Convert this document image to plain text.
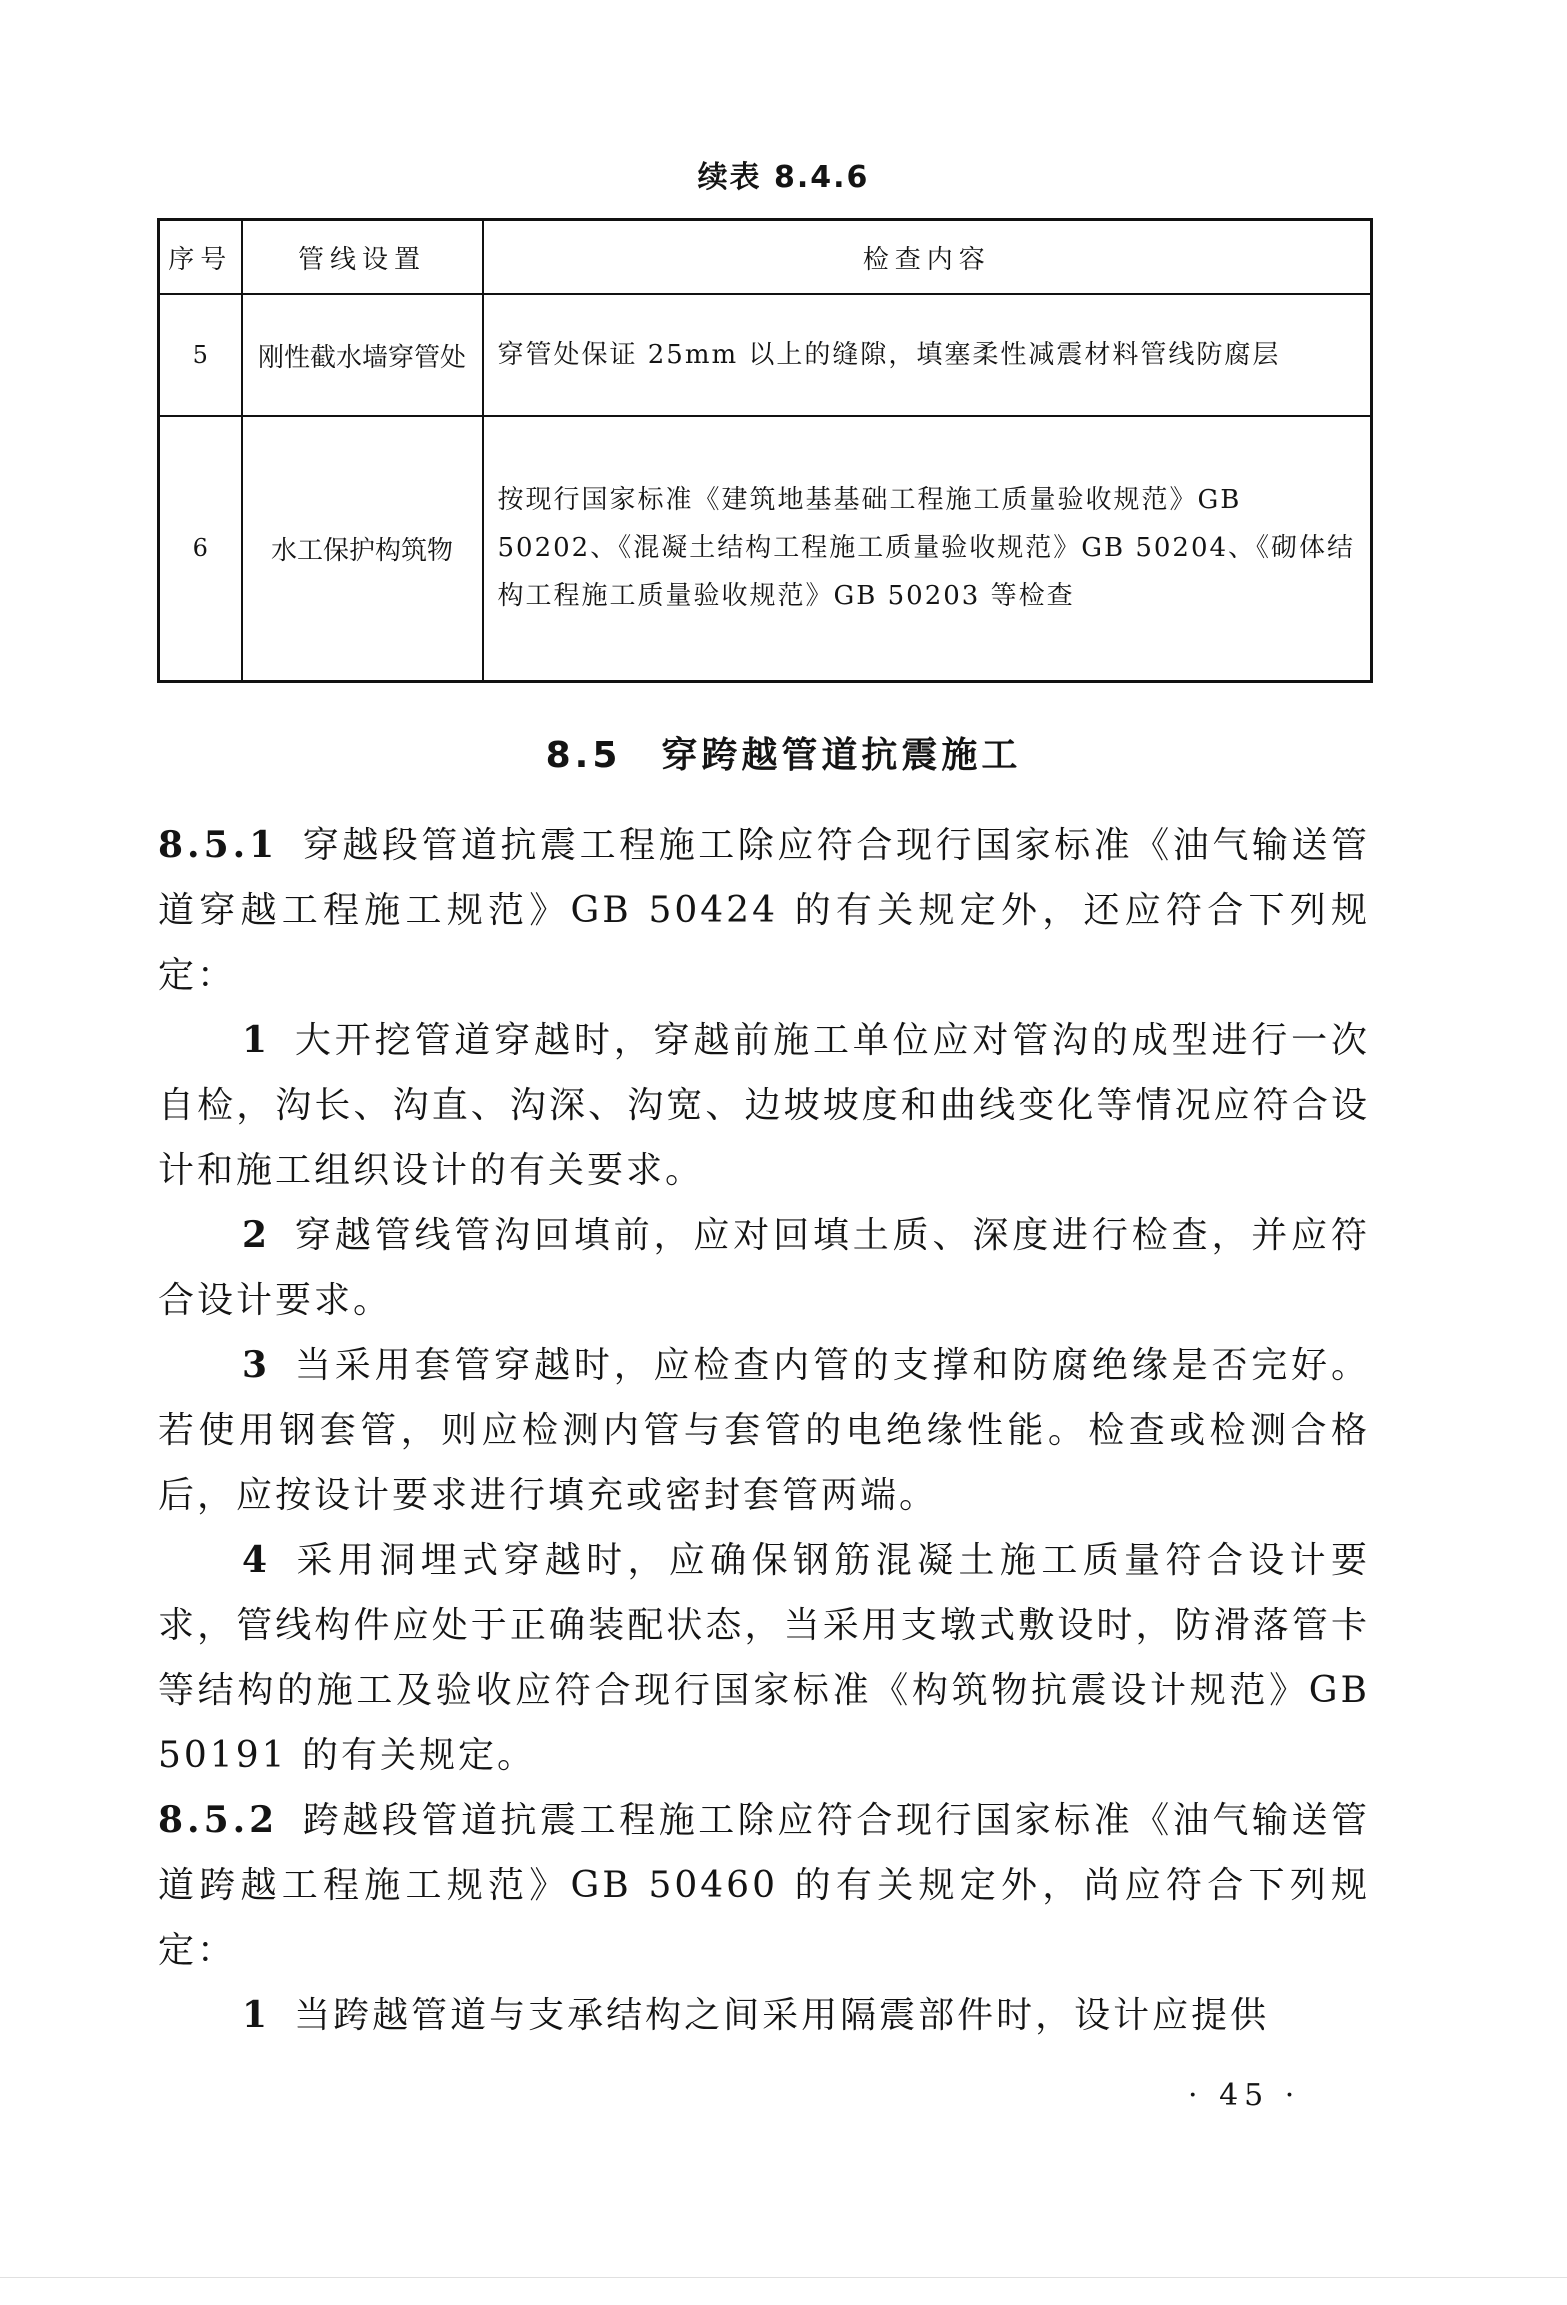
续表 8.4.6
序号	管线设置	检查内容
5	刚性截水墙穿管处	穿管处保证 25mm 以上的缝隙，填塞柔性减震材料管线防腐层
6	水工保护构筑物	按现行国家标准《建筑地基基础工程施工质量验收规范》GB 50202、《混凝土结构工程施工质量验收规范》GB 50204、《砌体结构工程施工质量验收规范》GB 50203 等检查
8.5　穿跨越管道抗震施工

8.5.1 穿越段管道抗震工程施工除应符合现行国家标准《油气输送管道穿越工程施工规范》GB 50424 的有关规定外，还应符合下列规定：

1 大开挖管道穿越时，穿越前施工单位应对管沟的成型进行一次自检，沟长、沟直、沟深、沟宽、边坡坡度和曲线变化等情况应符合设计和施工组织设计的有关要求。

2 穿越管线管沟回填前，应对回填土质、深度进行检查，并应符合设计要求。

3 当采用套管穿越时，应检查内管的支撑和防腐绝缘是否完好。若使用钢套管，则应检测内管与套管的电绝缘性能。检查或检测合格后，应按设计要求进行填充或密封套管两端。

4 采用洞埋式穿越时，应确保钢筋混凝土施工质量符合设计要求，管线构件应处于正确装配状态，当采用支墩式敷设时，防滑落管卡等结构的施工及验收应符合现行国家标准《构筑物抗震设计规范》GB 50191 的有关规定。

8.5.2 跨越段管道抗震工程施工除应符合现行国家标准《油气输送管道跨越工程施工规范》GB 50460 的有关规定外，尚应符合下列规定：

1 当跨越管道与支承结构之间采用隔震部件时，设计应提供

· 45 ·
